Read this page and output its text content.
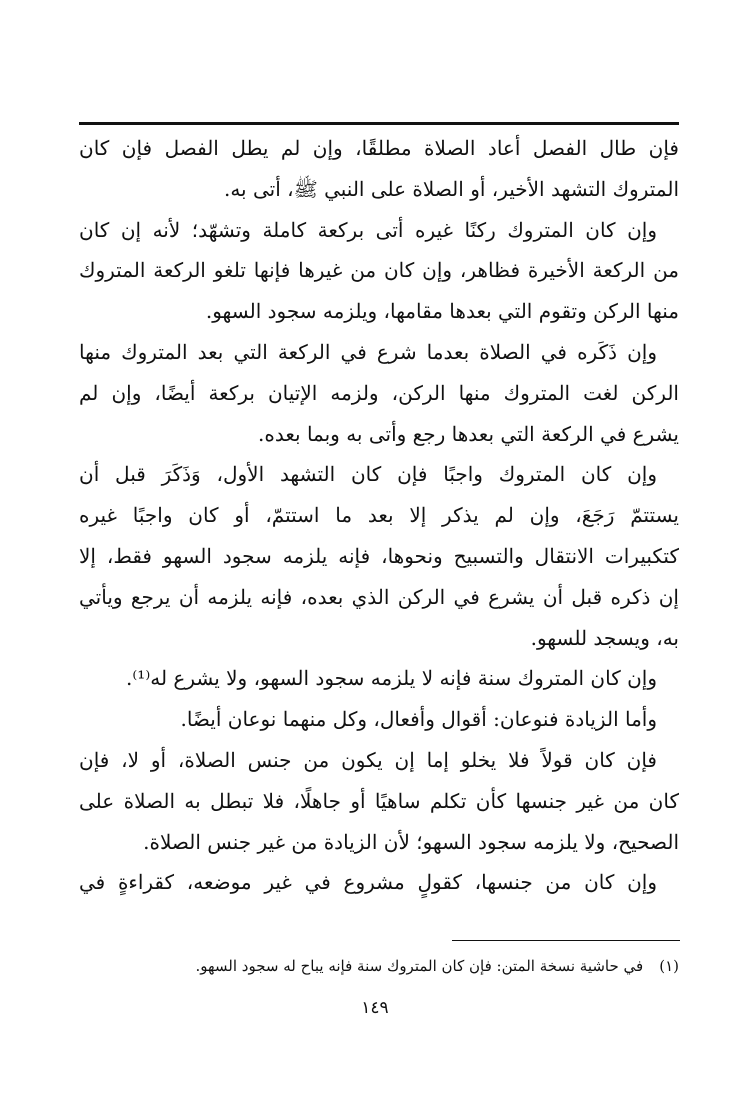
فإن طال الفصل أعاد الصلاة مطلقًا، وإن لم يطل الفصل فإن كان
المتروك التشهد الأخير، أو الصلاة على النبي ﷺ، أتى به.
وإن كان المتروك ركنًا غيره أتى بركعة كاملة وتشهّد؛ لأنه إن كان
من الركعة الأخيرة فظاهر، وإن كان من غيرها فإنها تلغو الركعة المتروك
منها الركن وتقوم التي بعدها مقامها، ويلزمه سجود السهو.
وإن ذَكَره في الصلاة بعدما شرع في الركعة التي بعد المتروك منها
الركن لغت المتروك منها الركن، ولزمه الإتيان بركعة أيضًا، وإن لم
يشرع في الركعة التي بعدها رجع وأتى به وبما بعده.
وإن كان المتروك واجبًا فإن كان التشهد الأول، وَذَكَرَ قبل أن
يستتمّ رَجَعَ، وإن لم يذكر إلا بعد ما استتمّ، أو كان واجبًا غيره
كتكبيرات الانتقال والتسبيح ونحوها، فإنه يلزمه سجود السهو فقط، إلا
إن ذكره قبل أن يشرع في الركن الذي بعده، فإنه يلزمه أن يرجع ويأتي
به، ويسجد للسهو.
وإن كان المتروك سنة فإنه لا يلزمه سجود السهو، ولا يشرع له⁽¹⁾.
وأما الزيادة فنوعان: أقوال وأفعال، وكل منهما نوعان أيضًا.
فإن كان قولاً فلا يخلو إما إن يكون من جنس الصلاة، أو لا، فإن
كان من غير جنسها كأن تكلم ساهيًا أو جاهلًا، فلا تبطل به الصلاة على
الصحيح، ولا يلزمه سجود السهو؛ لأن الزيادة من غير جنس الصلاة.
وإن كان من جنسها، كقولٍ مشروع في غير موضعه، كقراءةٍ في
(١)في حاشية نسخة المتن: فإن كان المتروك سنة فإنه يباح له سجود السهو.
١٤٩
